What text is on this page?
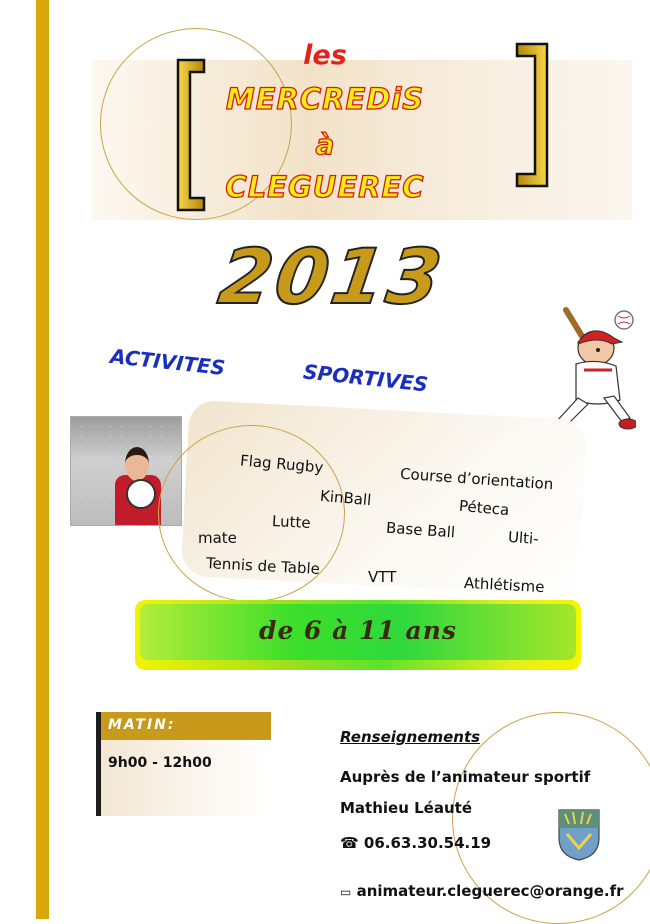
les
MERCREDiS
à
CLEGUEREC
2013
ACTIVITES	SPORTIVES
Flag Rugby
Course d’orientation
KinBall	Péteca
Lutte	Base Ball	Ulti-
mate
Tennis de Table	VTT	Athlétisme
de 6 à 11 ans
MATIN:
9h00 - 12h00
Renseignements
Auprès de l’animateur sportif
Mathieu Léauté
☎ 06.63.30.54.19
▭ animateur.cleguerec@orange.fr
